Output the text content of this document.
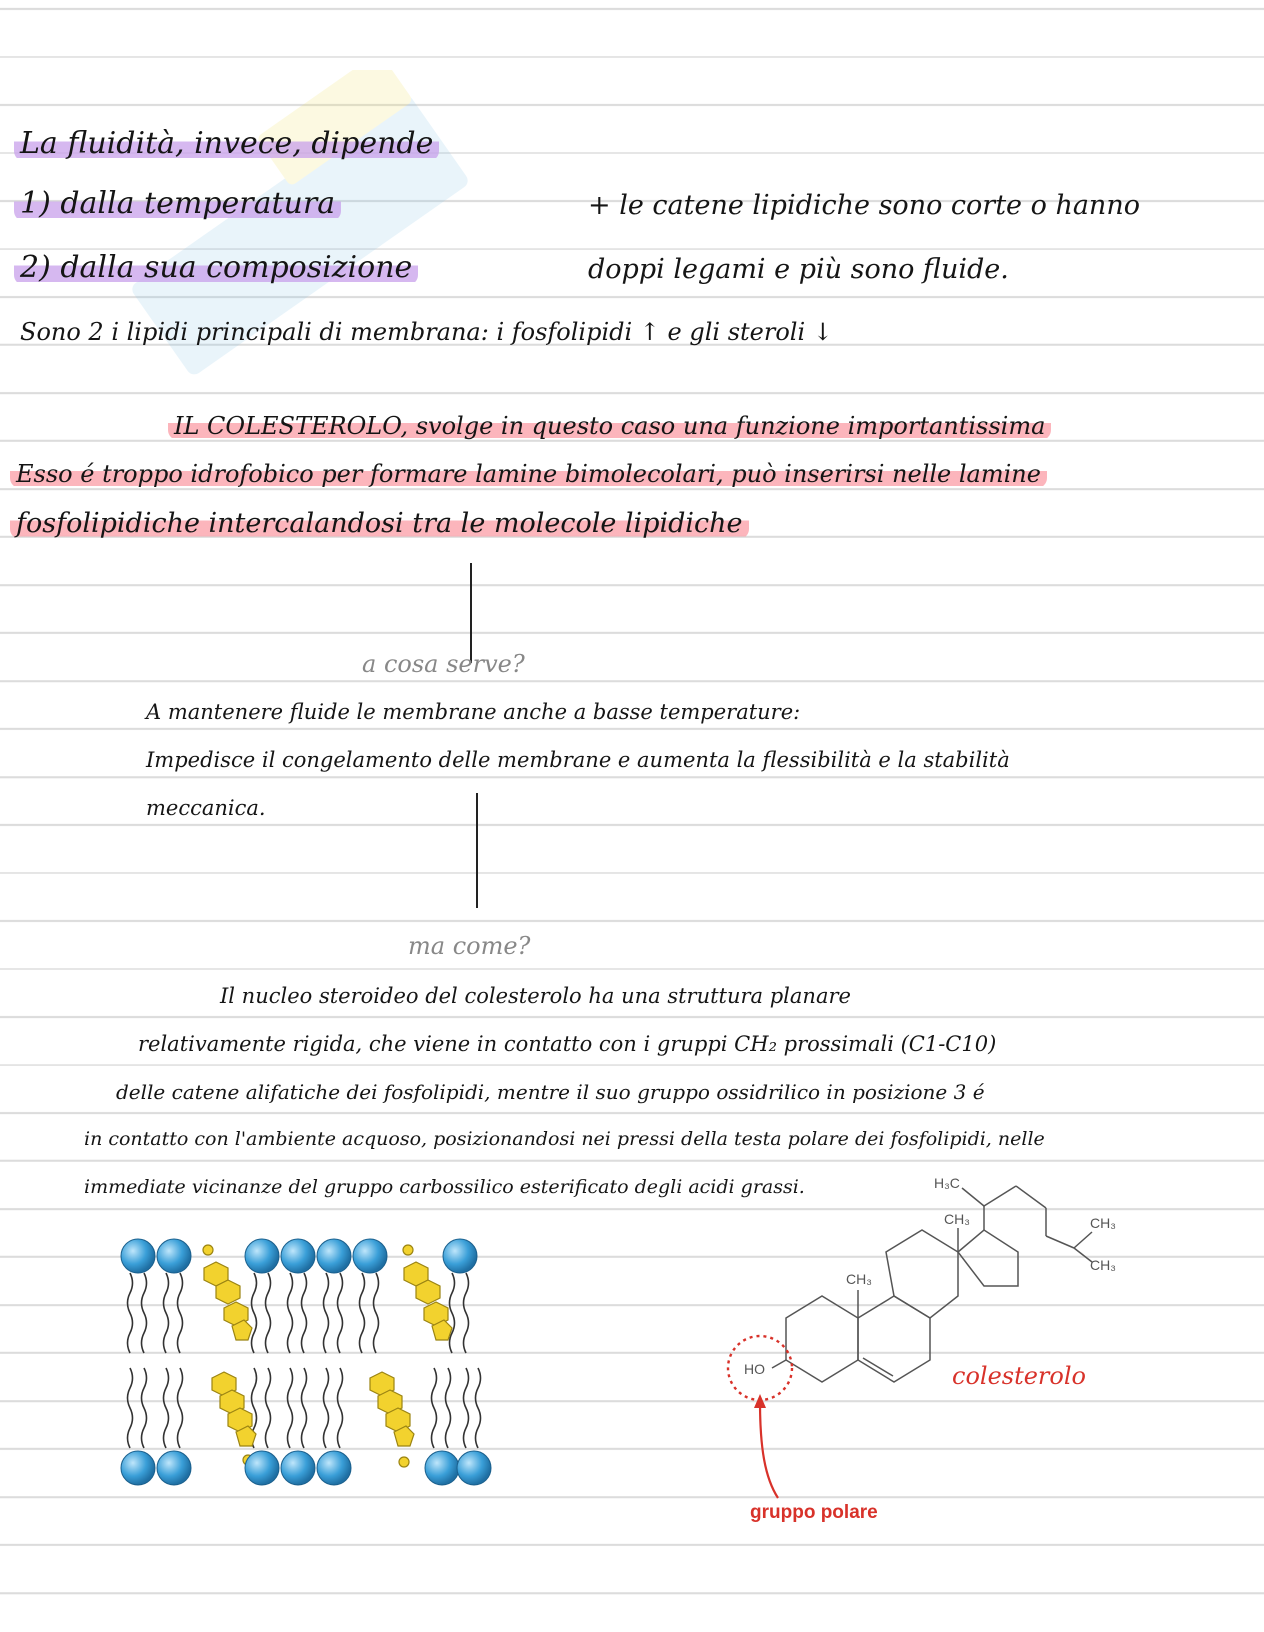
La fluidità, invece, dipende
1) dalla temperatura
2) dalla sua composizione
+ le catene lipidiche sono corte o hanno
doppi legami e più sono fluide.
Sono 2 i lipidi principali di membrana: i fosfolipidi ↑ e gli steroli ↓
IL COLESTEROLO, svolge in questo caso una funzione importantissima
Esso é troppo idrofobico per formare lamine bimolecolari, può inserirsi nelle lamine
fosfolipidiche intercalandosi tra le molecole lipidiche
a cosa serve?
A mantenere fluide le membrane anche a basse temperature:
Impedisce il congelamento delle membrane e aumenta la flessibilità e la stabilità
meccanica.
ma come?
Il nucleo steroideo del colesterolo ha una struttura planare
relativamente rigida, che viene in contatto con i gruppi CH₂ prossimali (C1-C10)
delle catene alifatiche dei fosfolipidi, mentre il suo gruppo ossidrilico in posizione 3 é
in contatto con l'ambiente acquoso, posizionandosi nei pressi della testa polare dei fosfolipidi, nelle
immediate vicinanze del gruppo carbossilico esterificato degli acidi grassi.	H₃C
CH₃
CH₃
CH₃
CH₃
HO	colesterolo
gruppo polare
